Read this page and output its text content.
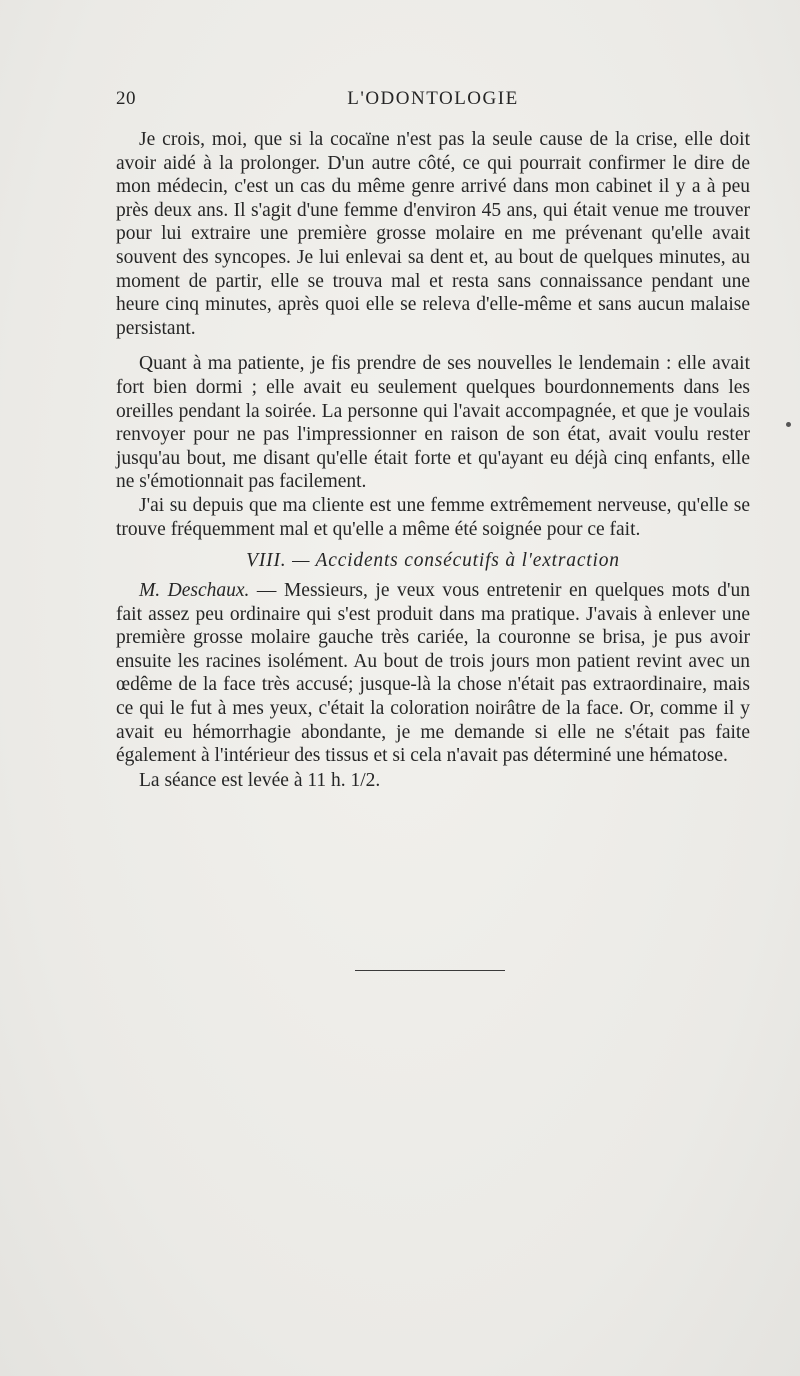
20	L'ODONTOLOGIE

Je crois, moi, que si la cocaïne n'est pas la seule cause de la crise, elle doit avoir aidé à la prolonger. D'un autre côté, ce qui pourrait confirmer le dire de mon médecin, c'est un cas du même genre arrivé dans mon cabinet il y a à peu près deux ans. Il s'agit d'une femme d'environ 45 ans, qui était venue me trouver pour lui extraire une première grosse molaire en me prévenant qu'elle avait souvent des syncopes. Je lui enlevai sa dent et, au bout de quelques minutes, au moment de partir, elle se trouva mal et resta sans connaissance pendant une heure cinq minutes, après quoi elle se releva d'elle-même et sans aucun malaise persistant.

Quant à ma patiente, je fis prendre de ses nouvelles le lendemain : elle avait fort bien dormi ; elle avait eu seulement quelques bourdonnements dans les oreilles pendant la soirée. La personne qui l'avait accompagnée, et que je voulais renvoyer pour ne pas l'impressionner en raison de son état, avait voulu rester jusqu'au bout, me disant qu'elle était forte et qu'ayant eu déjà cinq enfants, elle ne s'émotionnait pas facilement.

J'ai su depuis que ma cliente est une femme extrêmement nerveuse, qu'elle se trouve fréquemment mal et qu'elle a même été soignée pour ce fait.

VIII. — Accidents consécutifs à l'extraction

M. Deschaux. — Messieurs, je veux vous entretenir en quelques mots d'un fait assez peu ordinaire qui s'est produit dans ma pratique. J'avais à enlever une première grosse molaire gauche très cariée, la couronne se brisa, je pus avoir ensuite les racines isolément. Au bout de trois jours mon patient revint avec un œdême de la face très accusé; jusque-là la chose n'était pas extraordinaire, mais ce qui le fut à mes yeux, c'était la coloration noirâtre de la face. Or, comme il y avait eu hémorrhagie abondante, je me demande si elle ne s'était pas faite également à l'intérieur des tissus et si cela n'avait pas déterminé une hématose.

La séance est levée à 11 h. 1/2.
